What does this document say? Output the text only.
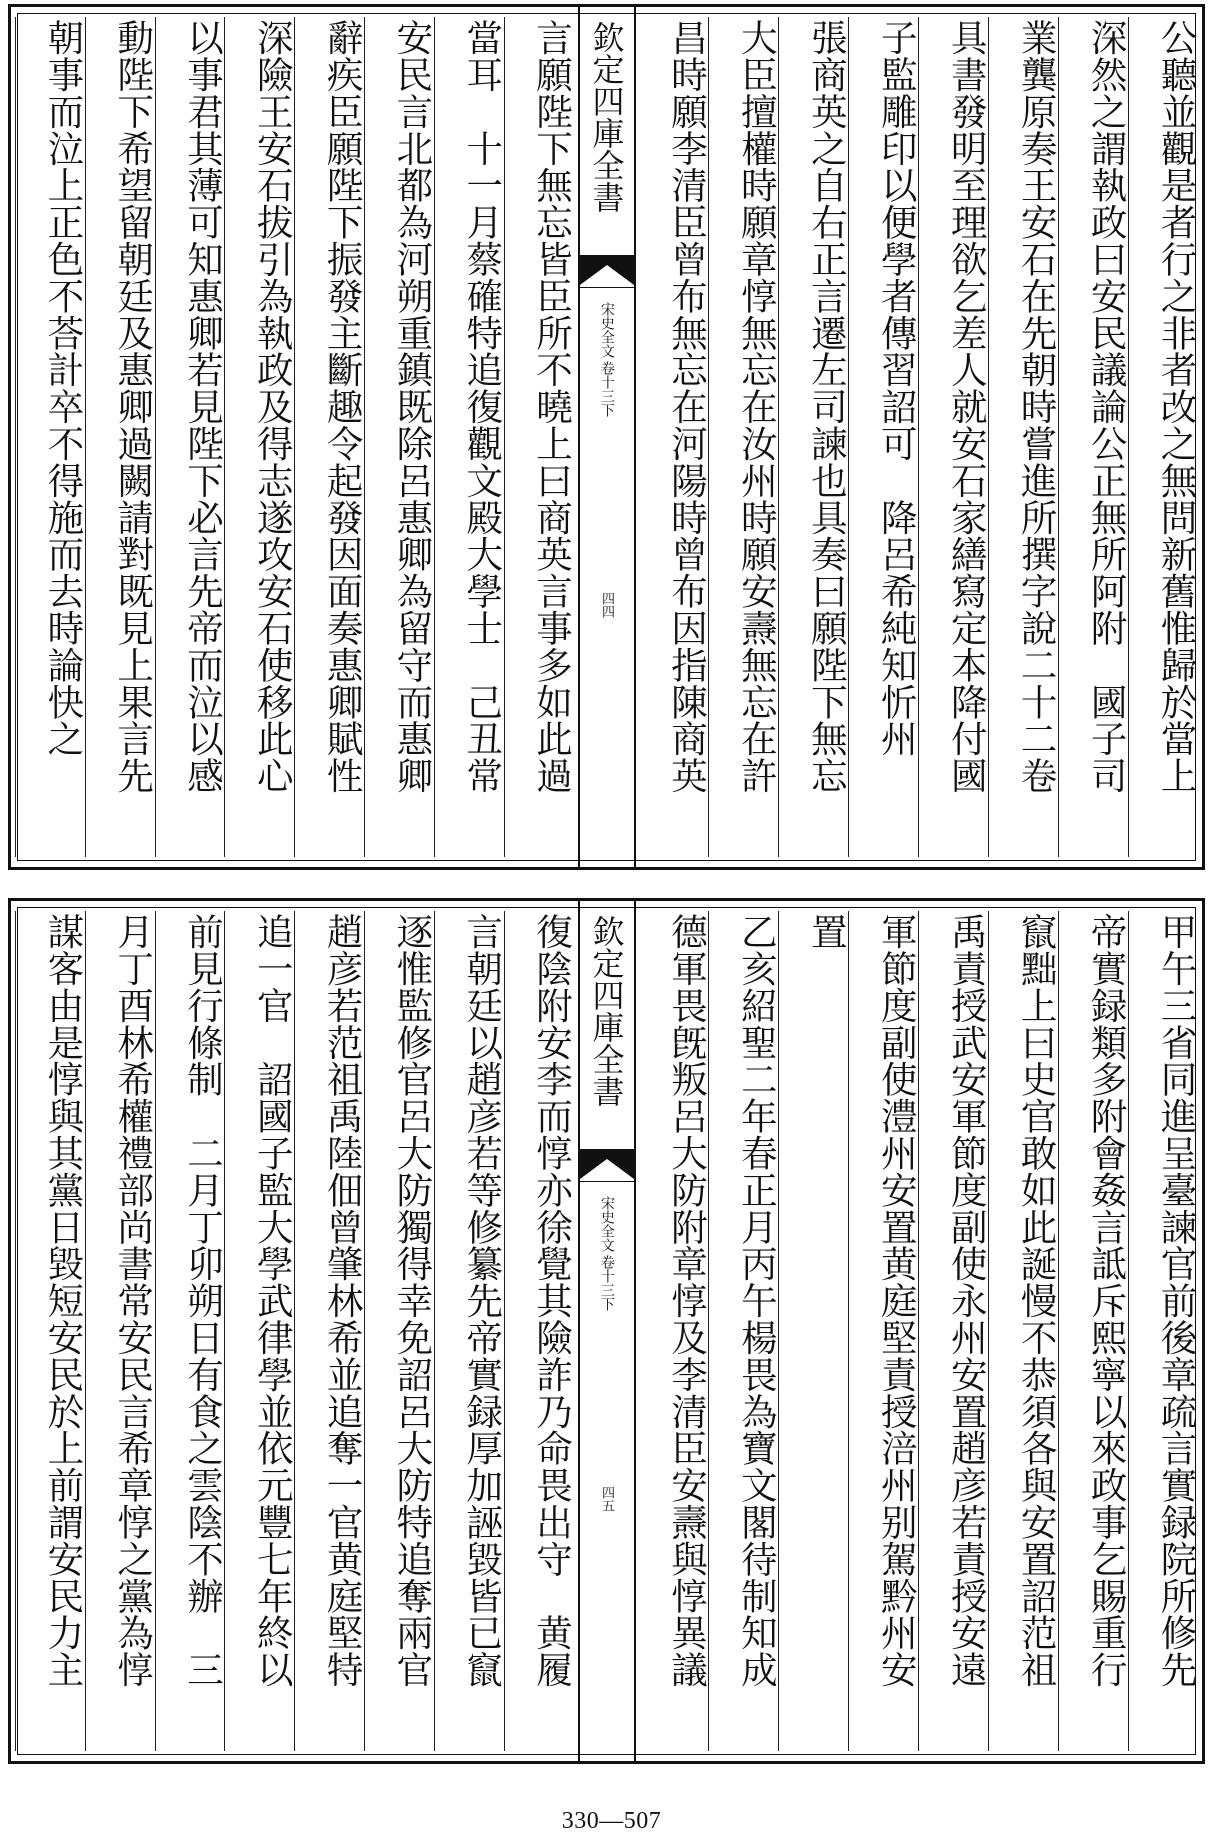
公聽並觀是者行之非者改之無問新舊惟歸於當上
深然之謂執政曰安民議論公正無所阿附　國子司
業龔原奏王安石在先朝時嘗進所撰字說二十二卷
具書發明至理欲乞差人就安石家繕寫定本降付國
子監雕印以便學者傳習詔可　降呂希純知忻州
張商英之自右正言遷左司諫也具奏曰願陛下無忘
大臣擅權時願章惇無忘在汝州時願安燾無忘在許
昌時願李清臣曾布無忘在河陽時曾布因指陳商英
欽定四庫全書
宋史全文
卷十三下
四四
言願陛下無忘皆臣所不曉上曰商英言事多如此過
當耳　十一月蔡確特追復觀文殿大學士　己丑常
安民言北都為河朔重鎮既除呂惠卿為留守而惠卿
辭疾臣願陛下振發主斷趣令起發因面奏惠卿賦性
深險王安石拔引為執政及得志遂攻安石使移此心
以事君其薄可知惠卿若見陛下必言先帝而泣以感
動陛下希望留朝廷及惠卿過闕請對既見上果言先
朝事而泣上正色不荅計卒不得施而去時論快之
甲午三省同進呈臺諫官前後章疏言實録院所修先
帝實録類多附會姦言詆斥熙寧以來政事乞賜重行
竄黜上曰史官敢如此誕慢不恭須各與安置詔范祖
禹責授武安軍節度副使永州安置趙彦若責授安遠
軍節度副使澧州安置黄庭堅責授涪州别駕黔州安
置
乙亥紹聖二年春正月丙午楊畏為寶文閣待制知成
德軍畏旣叛呂大防附章惇及李清臣安燾與惇異議
欽定四庫全書
宋史全文
卷十三下
四五
復陰附安李而惇亦徐覺其險詐乃命畏出守　黄履
言朝廷以趙彦若等修纂先帝實録厚加誣毀皆已竄
逐惟監修官呂大防獨得幸免詔呂大防特追奪兩官
趙彦若范祖禹陸佃曾肇林希並追奪一官黄庭堅特
追一官　詔國子監大學武律學並依元豐七年終以
前見行條制　二月丁卯朔日有食之雲陰不辦　三
月丁酉林希權禮部尚書常安民言希章惇之黨為惇
謀客由是惇與其黨日毀短安民於上前謂安民力主
330—507
